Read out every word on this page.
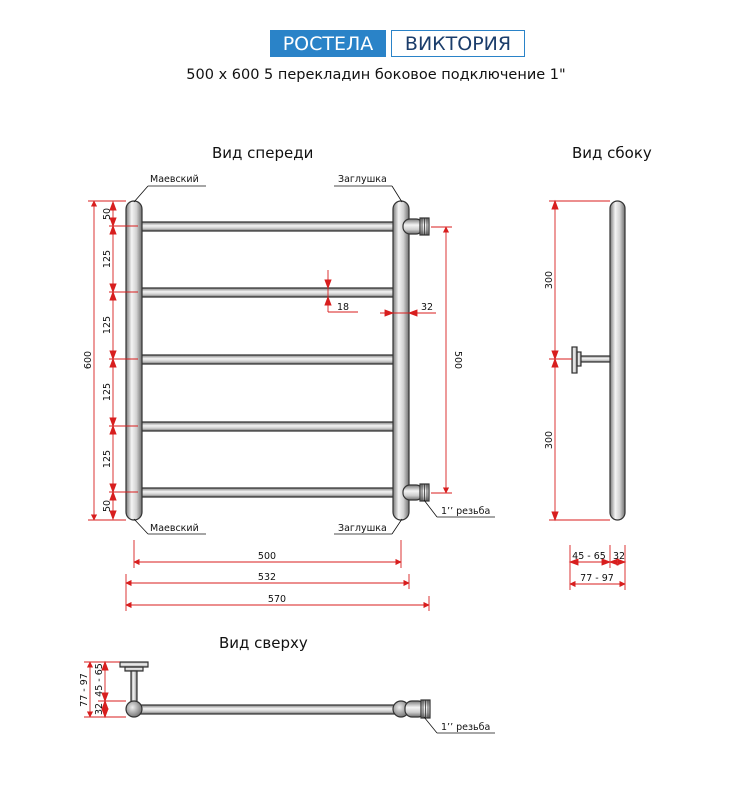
РОСТЕЛА	ВИКТОРИЯ
500 x 600 5 перекладин боковое подключение 1"
Вид спереди	Вид сбоку
Вид сверху
Маевский	Заглушка
Маевский	Заглушка
1’’ резьба
600
50
125
125
125
125
50
18	32
500
500
532
570
300
300
45 - 65 32
77 - 97
1’’ резьба
77 - 97
32
45 - 65
